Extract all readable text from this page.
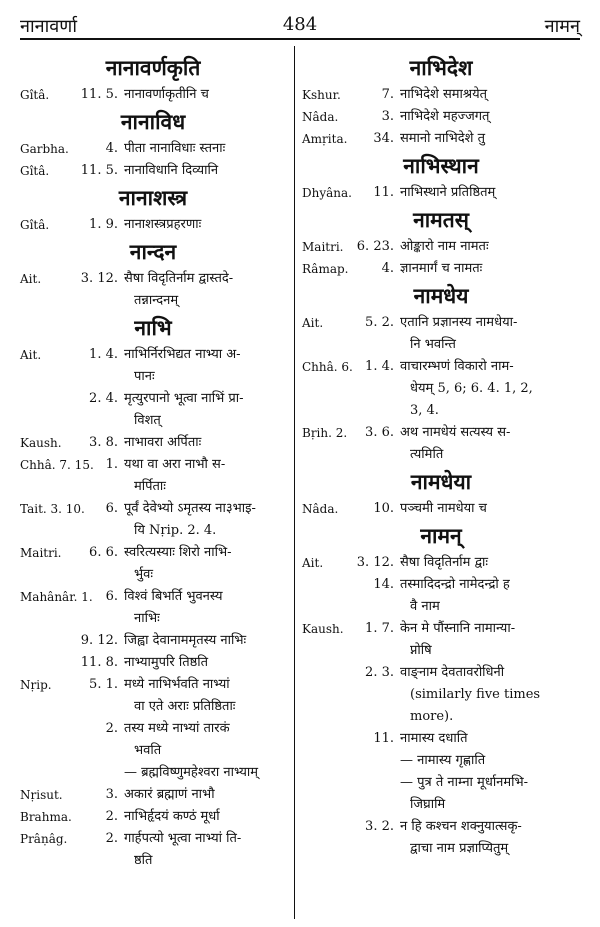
नानावर्णा	484	नामन्
नानावर्णकृति
Gîtâ. 11. 5. नानावर्णाकृतीनि च
नानाविध
Garbha.	4. पीता नानाविधाः स्तनाः
Gîtâ. 11. 5. नानाविधानि दिव्यानि
नानाशस्त्र
Gîtâ.	1. 9. नानाशस्त्रप्रहरणाः
नान्दन
Ait.	3. 12. सैषा विदृतिर्नाम द्वास्तदे-
तन्नान्दनम्
नाभि
Ait.	1. 4. नाभिर्निरभिद्यत नाभ्या अ-
पानः
2. 4. मृत्युरपानो भूत्वा नाभिं प्रा-
विशत्
Kaush.	3. 8. नाभावरा अर्पिताः
Chhâ. 7. 15. 1. यथा वा अरा नाभौ स-
मर्पिताः
Tait. 3. 10.	6. पूर्वं देवेभ्यो ऽमृतस्य ना३भाइ-
यि Nṛip. 2. 4.
Maitri.	6. 6. स्वरित्यस्याः शिरो नाभि-
र्भुवः
Mahânâr. 1. 6. विश्वं बिभर्ति भुवनस्य
नाभिः
9. 12. जिह्वा देवानाममृतस्य नाभिः
11. 8. नाभ्यामुपरि तिष्ठति
Nṛip.	5. 1. मध्ये नाभिर्भवति नाभ्यां
वा एते अराः प्रतिष्ठिताः
2. तस्य मध्ये नाभ्यां तारकं
भवति
— ब्रह्मविष्णुमहेश्वरा नाभ्याम्
Nṛisut.	3. अकारं ब्रह्माणं नाभौ
Brahma.	2. नाभिर्हृदयं कण्ठं मूर्धा
Prâṇâg.	2. गार्हपत्यो भूत्वा नाभ्यां ति-
ष्ठति
नाभिदेश
Kshur.	7. नाभिदेशे समाश्रयेत्
Nâda.	3. नाभिदेशे महज्जगत्
Amṛita.	34. समानो नाभिदेशे तु
नाभिस्थान
Dhyâna.	11. नाभिस्थाने प्रतिष्ठितम्
नामतस्
Maitri. 6. 23. ओङ्कारो नाम नामतः
Râmap.	4. ज्ञानमार्गं च नामतः
नामधेय
Ait.	5. 2. एतानि प्रज्ञानस्य नामधेया-
नि भवन्ति
Chhâ. 6. 1. 4. वाचारम्भणं विकारो नाम-
धेयम् 5, 6; 6. 4. 1, 2,
3, 4.
Bṛih. 2.	3. 6. अथ नामधेयं सत्यस्य स-
त्यमिति
नामधेया
Nâda.	10. पञ्चमी नामधेया च
नामन्
Ait.	3. 12. सैषा विदृतिर्नाम द्वाः
14. तस्मादिदन्द्रो नामेदन्द्रो ह
वै नाम
Kaush.	1. 7. केन मे पौंस्नानि नामान्या-
प्नोषि
2. 3. वाङ्नाम देवतावरोधिनी
(similarly five times
more).
11. नामास्य दधाति
— नामास्य गृह्णाति
— पुत्र ते नाम्ना मूर्धानमभि-
जिघ्रामि
3. 2. न हि कश्चन शक्नुयात्सकृ-
द्वाचा नाम प्रज्ञाप्यितुम्
